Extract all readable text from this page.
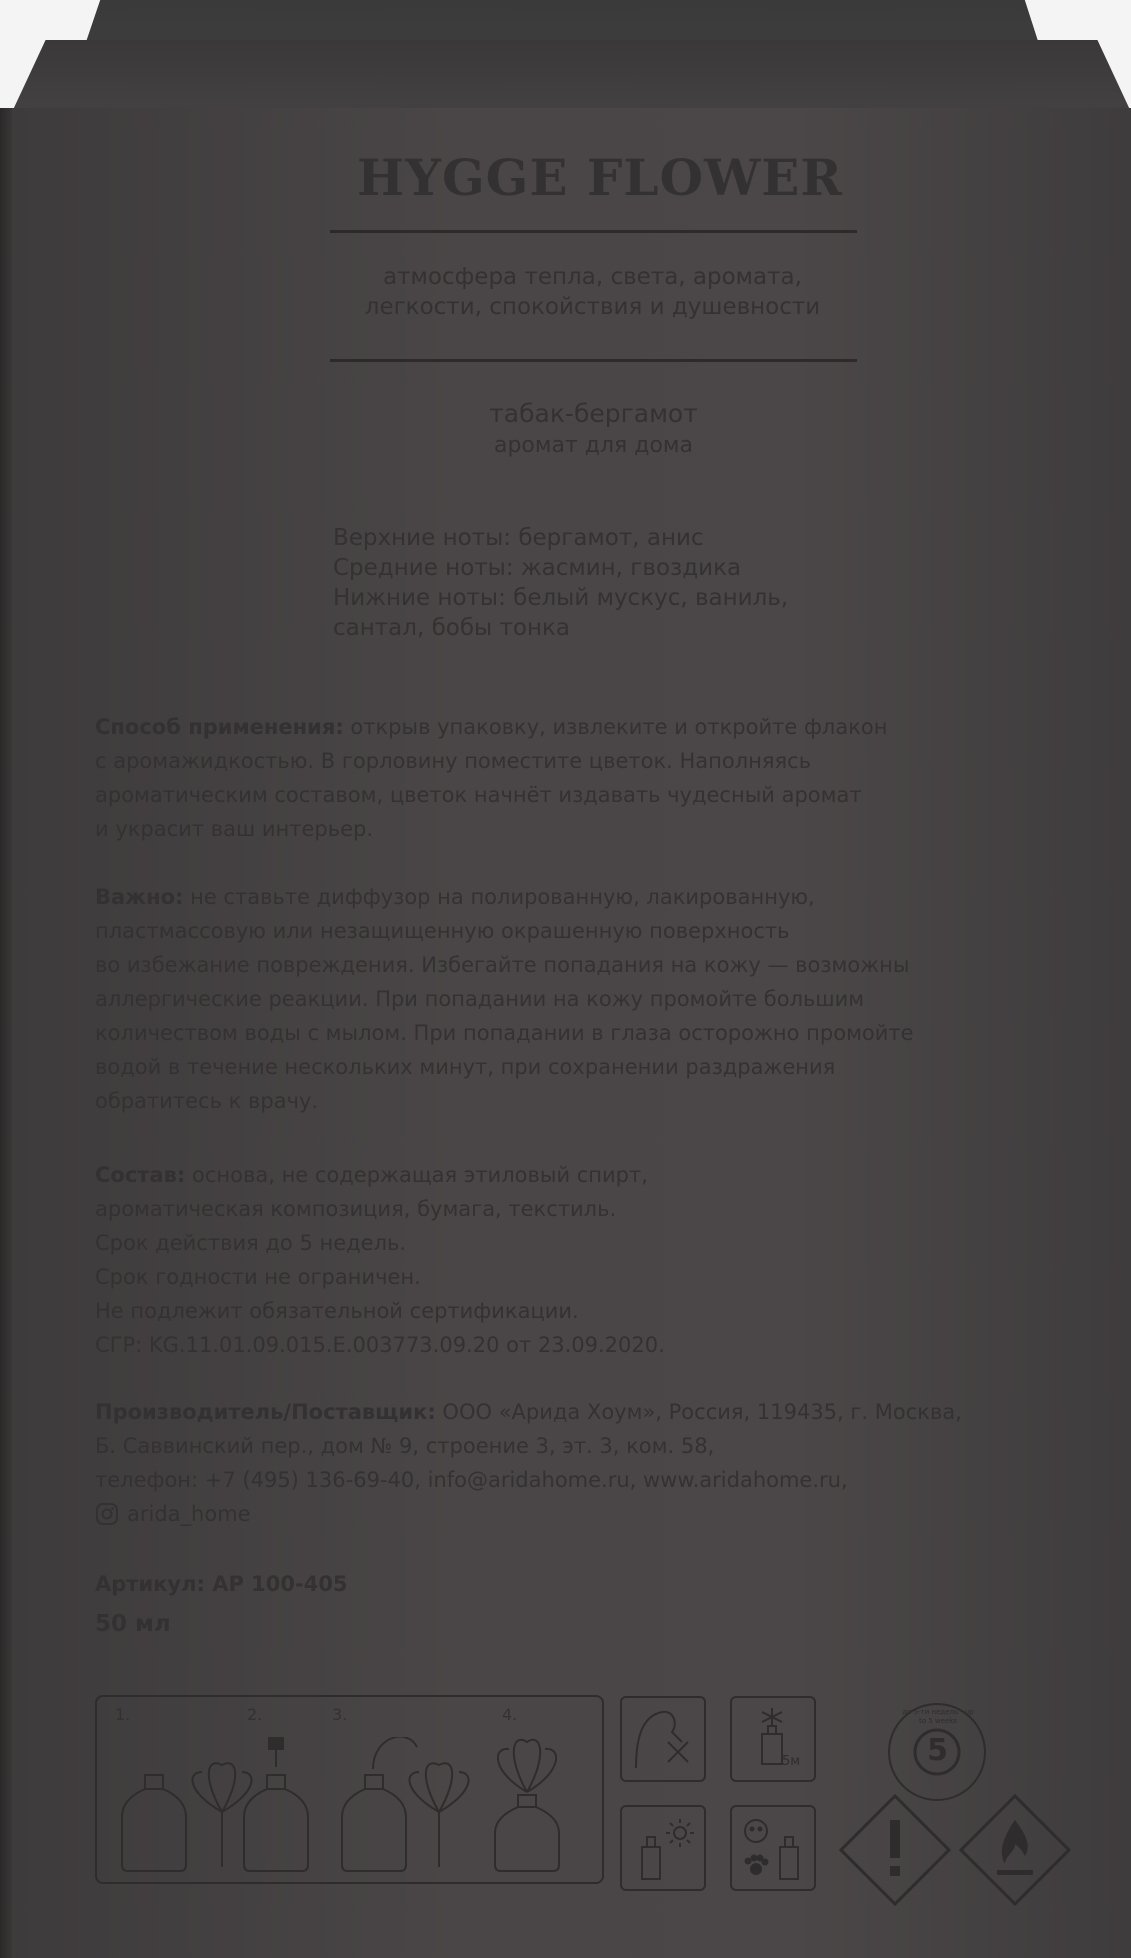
HYGGE FLOWER
атмосфера тепла, света, аромата,
легкости, спокойствия и душевности
табак-бергамот
аромат для дома
Верхние ноты: бергамот, анис
Средние ноты: жасмин, гвоздика
Нижние ноты: белый мускус, ваниль,
сантал, бобы тонка
Способ применения: открыв упаковку, извлеките и откройте флакон
с аромажидкостью. В горловину поместите цветок. Наполняясь
ароматическим составом, цветок начнёт издавать чудесный аромат
и украсит ваш интерьер.
Важно: не ставьте диффузор на полированную, лакированную,
пластмассовую или незащищенную окрашенную поверхность
во избежание повреждения. Избегайте попадания на кожу — возможны
аллергические реакции. При попадании на кожу промойте большим
количеством воды с мылом. При попадании в глаза осторожно промойте
водой в течение нескольких минут, при сохранении раздражения
обратитесь к врачу.
Состав: основа, не содержащая этиловый спирт,
ароматическая композиция, бумага, текстиль.
Срок действия до 5 недель.
Срок годности не ограничен.
Не подлежит обязательной сертификации.
СГР: KG.11.01.09.015.E.003773.09.20 от 23.09.2020.
Производитель/Поставщик: ООО «Арида Хоум», Россия, 119435, г. Москва,
Б. Саввинский пер., дом № 9, строение 3, эт. 3, ком. 58,
телефон: +7 (495) 136-69-40, info@aridahome.ru, www.aridahome.ru,
arida_home
Артикул: АР 100-405
50 мл
1.	2.	3.	4.
5м	5
до 5-ти недель · up to 5 weeks
